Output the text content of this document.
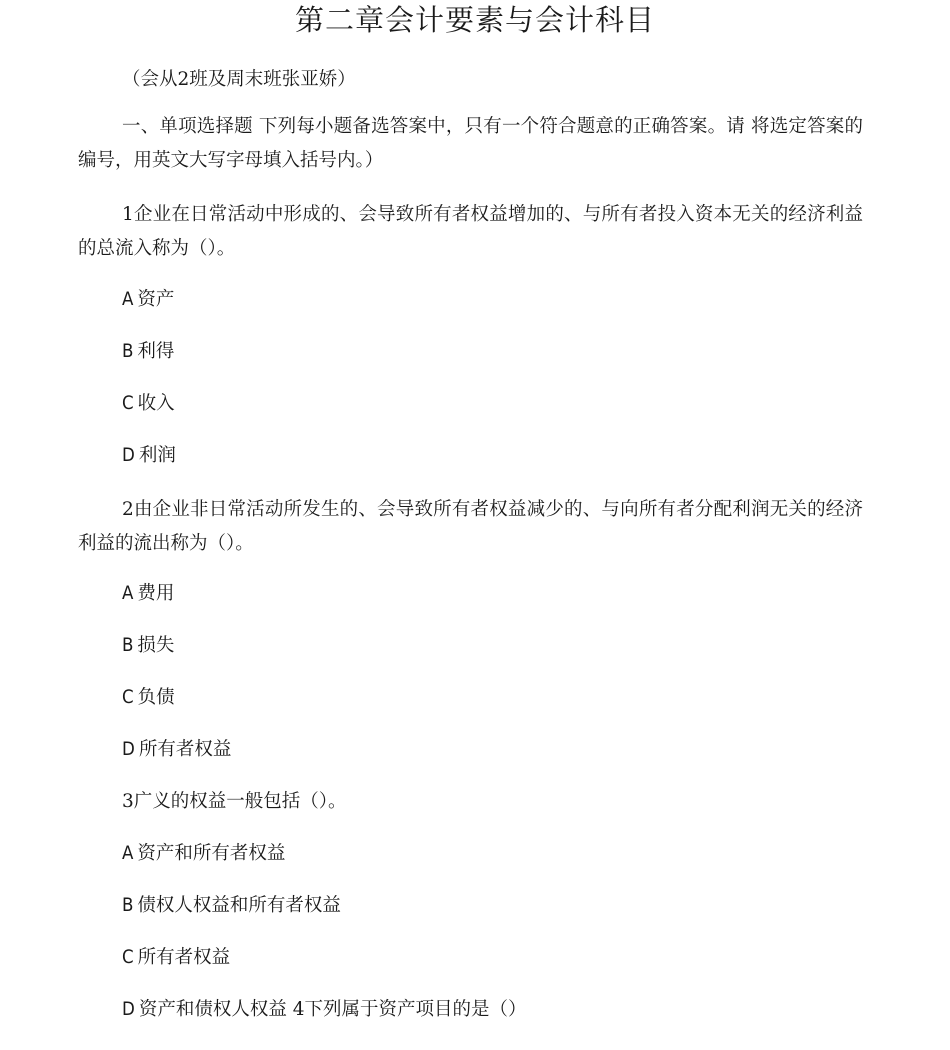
第二章会计要素与会计科目

（会从2班及周末班张亚娇）

一、单项选择题 下列每小题备选答案中，只有一个符合题意的正确答案。请 将选定答案的编号，用英文大写字母填入括号内。）

1企业在日常活动中形成的、会导致所有者权益增加的、与所有者投入资本无关的经济利益的总流入称为（）。

A 资产

B 利得

C 收入

D 利润

2由企业非日常活动所发生的、会导致所有者权益减少的、与向所有者分配利润无关的经济利益的流出称为（）。

A 费用

B 损失

C 负债

D 所有者权益

3广义的权益一般包括（）。

A 资产和所有者权益

B 债权人权益和所有者权益

C 所有者权益

D 资产和债权人权益 4下列属于资产项目的是（）
